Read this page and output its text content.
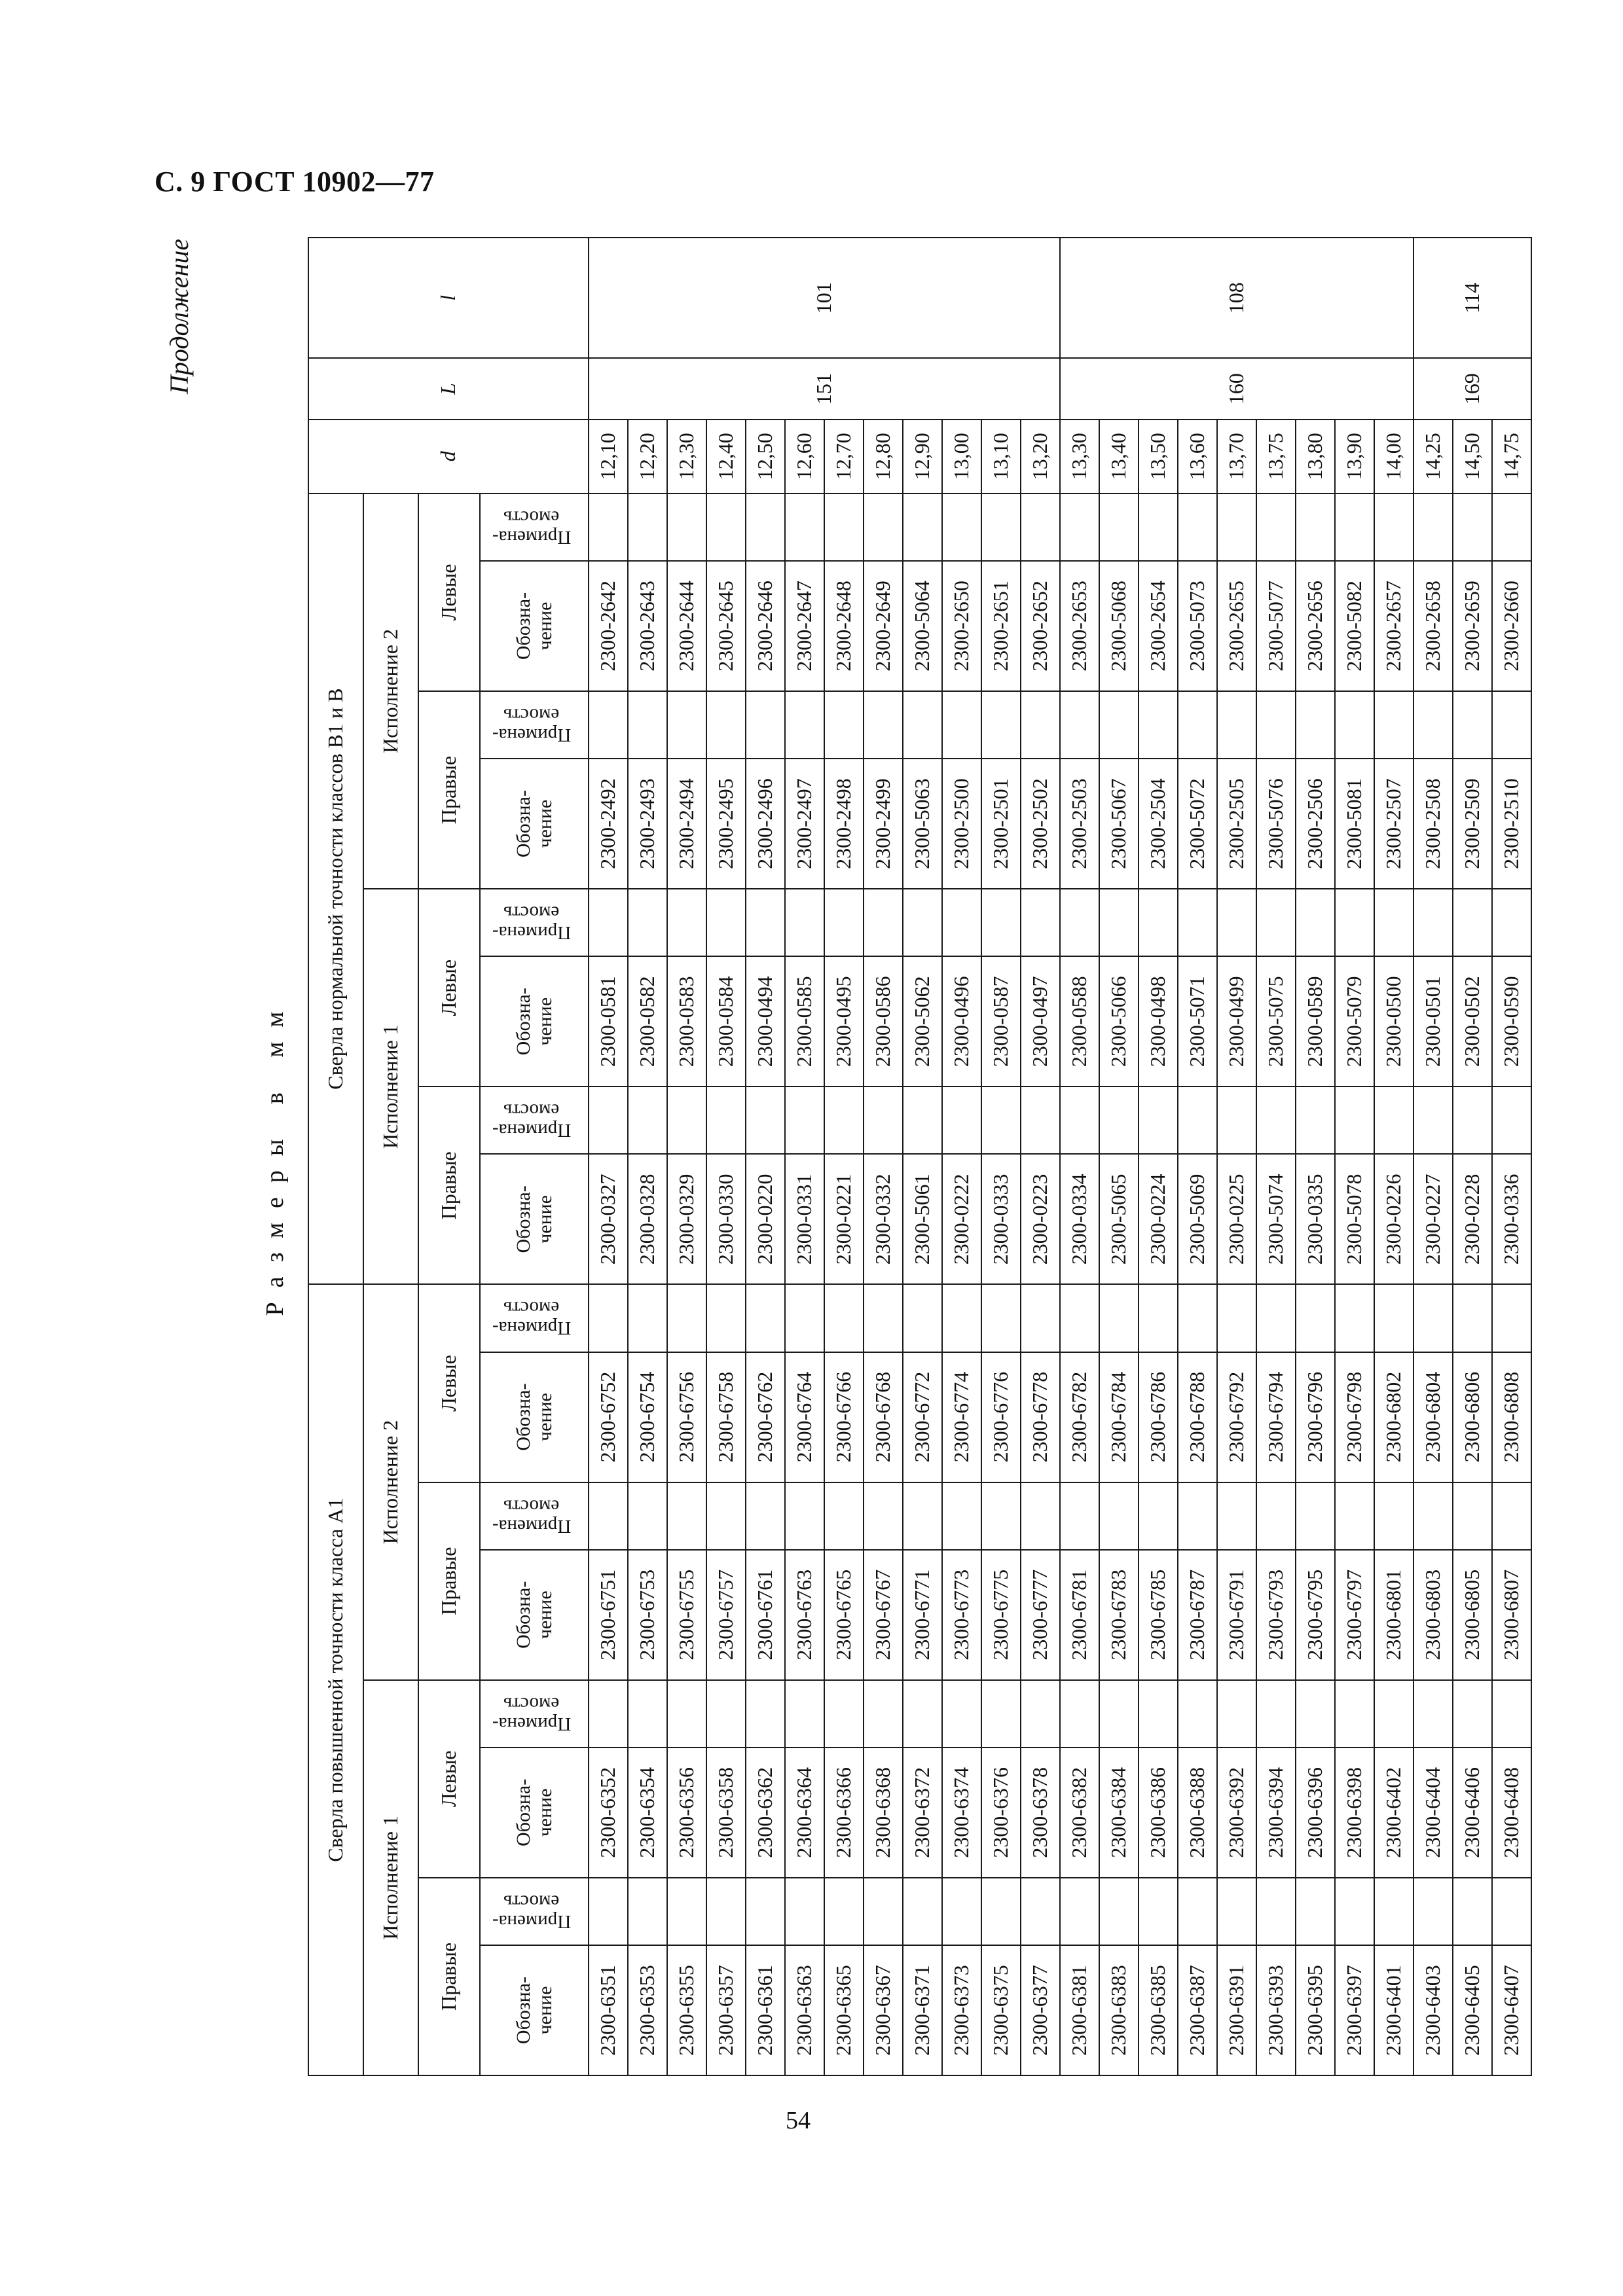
С. 9 ГОСТ 10902—77
54
Продолжение
Размеры в мм
Сверла повышенной точности класса А1								Сверла нормальной точности классов В1 и В								d	L	l
Исполнение 1				Исполнение 2				Исполнение 1				Исполнение 2						
Правые		Левые		Правые		Левые		Правые		Левые		Правые		Левые				
Обозна-
чение	Примена-
емость	Обозна-
чение	Примена-
емость	Обозна-
чение	Примена-
емость	Обозна-
чение	Примена-
емость	Обозна-
чение	Примена-
емость	Обозна-
чение	Примена-
емость	Обозна-
чение	Примена-
емость	Обозна-
чение	Примена-
емость			
2300-6351		2300-6352		2300-6751		2300-6752		2300-0327		2300-0581		2300-2492		2300-2642		12,10	151	101
2300-6353		2300-6354		2300-6753		2300-6754		2300-0328		2300-0582		2300-2493		2300-2643		12,20		
2300-6355		2300-6356		2300-6755		2300-6756		2300-0329		2300-0583		2300-2494		2300-2644		12,30		
2300-6357		2300-6358		2300-6757		2300-6758		2300-0330		2300-0584		2300-2495		2300-2645		12,40		
2300-6361		2300-6362		2300-6761		2300-6762		2300-0220		2300-0494		2300-2496		2300-2646		12,50		
2300-6363		2300-6364		2300-6763		2300-6764		2300-0331		2300-0585		2300-2497		2300-2647		12,60		
2300-6365		2300-6366		2300-6765		2300-6766		2300-0221		2300-0495		2300-2498		2300-2648		12,70		
2300-6367		2300-6368		2300-6767		2300-6768		2300-0332		2300-0586		2300-2499		2300-2649		12,80		
2300-6371		2300-6372		2300-6771		2300-6772		2300-5061		2300-5062		2300-5063		2300-5064		12,90		
2300-6373		2300-6374		2300-6773		2300-6774		2300-0222		2300-0496		2300-2500		2300-2650		13,00		
2300-6375		2300-6376		2300-6775		2300-6776		2300-0333		2300-0587		2300-2501		2300-2651		13,10		
2300-6377		2300-6378		2300-6777		2300-6778		2300-0223		2300-0497		2300-2502		2300-2652		13,20		
2300-6381		2300-6382		2300-6781		2300-6782		2300-0334		2300-0588		2300-2503		2300-2653		13,30	160	108
2300-6383		2300-6384		2300-6783		2300-6784		2300-5065		2300-5066		2300-5067		2300-5068		13,40		
2300-6385		2300-6386		2300-6785		2300-6786		2300-0224		2300-0498		2300-2504		2300-2654		13,50		
2300-6387		2300-6388		2300-6787		2300-6788		2300-5069		2300-5071		2300-5072		2300-5073		13,60		
2300-6391		2300-6392		2300-6791		2300-6792		2300-0225		2300-0499		2300-2505		2300-2655		13,70		
2300-6393		2300-6394		2300-6793		2300-6794		2300-5074		2300-5075		2300-5076		2300-5077		13,75		
2300-6395		2300-6396		2300-6795		2300-6796		2300-0335		2300-0589		2300-2506		2300-2656		13,80		
2300-6397		2300-6398		2300-6797		2300-6798		2300-5078		2300-5079		2300-5081		2300-5082		13,90		
2300-6401		2300-6402		2300-6801		2300-6802		2300-0226		2300-0500		2300-2507		2300-2657		14,00		
2300-6403		2300-6404		2300-6803		2300-6804		2300-0227		2300-0501		2300-2508		2300-2658		14,25	169	114
2300-6405		2300-6406		2300-6805		2300-6806		2300-0228		2300-0502		2300-2509		2300-2659		14,50		
2300-6407		2300-6408		2300-6807		2300-6808		2300-0336		2300-0590		2300-2510		2300-2660		14,75		
